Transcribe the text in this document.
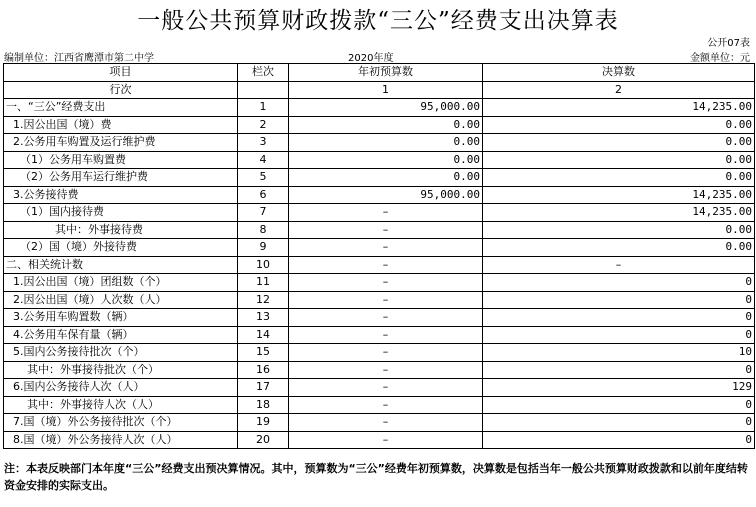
一般公共预算财政拨款“三公”经费支出决算表
公开07表
编制单位：江西省鹰潭市第二中学	2020年度	金额单位：元
项目	栏次	年初预算数	决算数
行次		1	2
一、“三公”经费支出	1	95,000.00	14,235.00
1.因公出国（境）费	2	0.00	0.00
2.公务用车购置及运行维护费	3	0.00	0.00
（1）公务用车购置费	4	0.00	0.00
（2）公务用车运行维护费	5	0.00	0.00
3.公务接待费	6	95,000.00	14,235.00
（1）国内接待费	7	–	14,235.00
其中：外事接待费	8	–	0.00
（2）国（境）外接待费	9	–	0.00
二、相关统计数	10	–	–
1.因公出国（境）团组数（个）	11	–	0
2.因公出国（境）人次数（人）	12	–	0
3.公务用车购置数（辆）	13	–	0
4.公务用车保有量（辆）	14	–	0
5.国内公务接待批次（个）	15	–	10
其中：外事接待批次（个）	16	–	0
6.国内公务接待人次（人）	17	–	129
其中：外事接待人次（人）	18	–	0
7.国（境）外公务接待批次（个）	19	–	0
8.国（境）外公务接待人次（人）	20	–	0
注：本表反映部门本年度“三公”经费支出预决算情况。其中，预算数为“三公”经费年初预算数，决算数是包括当年一般公共预算财政拨款和以前年度结转资金安排的实际支出。
